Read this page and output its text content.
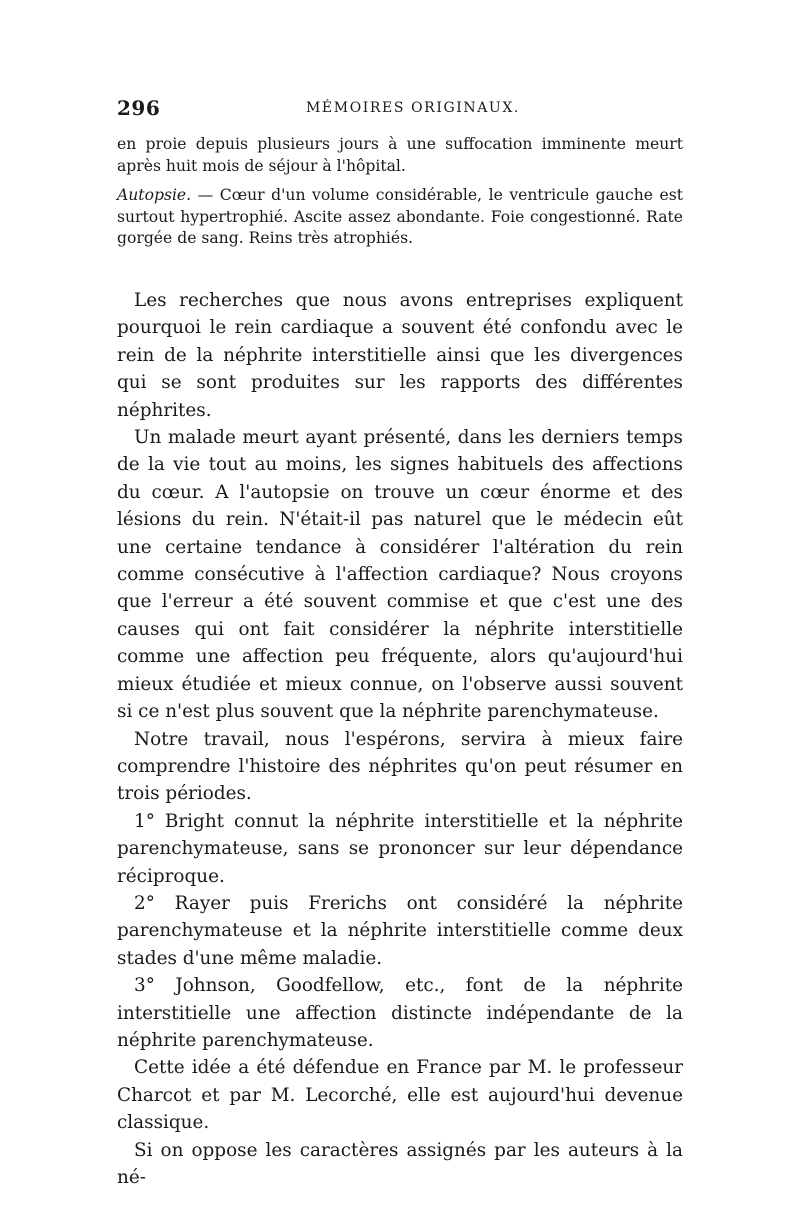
296	MÉMOIRES ORIGINAUX.

en proie depuis plusieurs jours à une suffocation imminente meurt après huit mois de séjour à l'hôpital.

Autopsie. — Cœur d'un volume considérable, le ventricule gauche est surtout hypertrophié. Ascite assez abondante. Foie congestionné. Rate gorgée de sang. Reins très atrophiés.

Les recherches que nous avons entreprises expliquent pourquoi le rein cardiaque a souvent été confondu avec le rein de la néphrite interstitielle ainsi que les divergences qui se sont produites sur les rapports des différentes néphrites.

Un malade meurt ayant présenté, dans les derniers temps de la vie tout au moins, les signes habituels des affections du cœur. A l'autopsie on trouve un cœur énorme et des lésions du rein. N'était-il pas naturel que le médecin eût une certaine tendance à considérer l'altération du rein comme consécutive à l'affection cardiaque? Nous croyons que l'erreur a été souvent commise et que c'est une des causes qui ont fait considérer la néphrite interstitielle comme une affection peu fréquente, alors qu'aujourd'hui mieux étudiée et mieux connue, on l'observe aussi souvent si ce n'est plus souvent que la néphrite parenchymateuse.

Notre travail, nous l'espérons, servira à mieux faire comprendre l'histoire des néphrites qu'on peut résumer en trois périodes.

1° Bright connut la néphrite interstitielle et la néphrite parenchymateuse, sans se prononcer sur leur dépendance réciproque.

2° Rayer puis Frerichs ont considéré la néphrite parenchymateuse et la néphrite interstitielle comme deux stades d'une même maladie.

3° Johnson, Goodfellow, etc., font de la néphrite interstitielle une affection distincte indépendante de la néphrite parenchymateuse.

Cette idée a été défendue en France par M. le professeur Charcot et par M. Lecorché, elle est aujourd'hui devenue classique.

Si on oppose les caractères assignés par les auteurs à la né-
